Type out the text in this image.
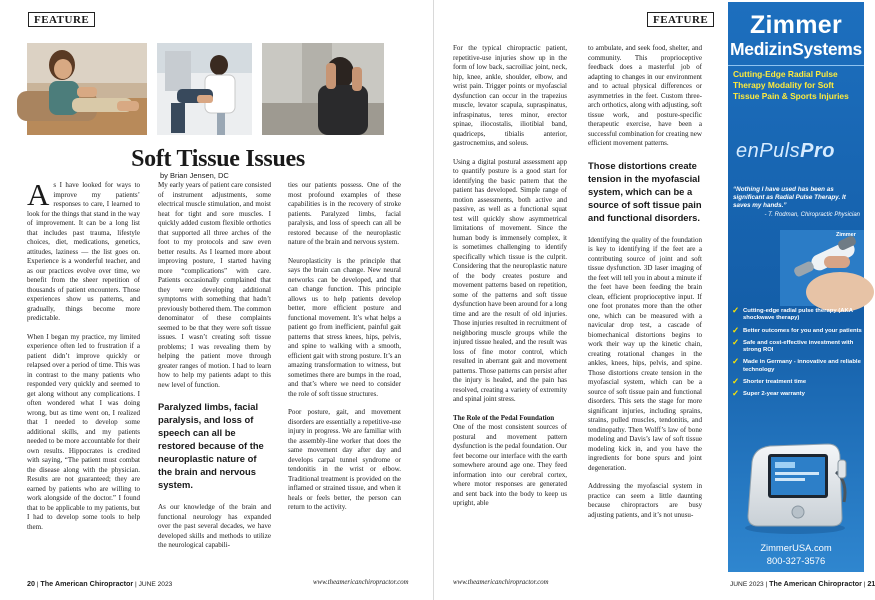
FEATURE
Soft Tissue Issues
by Brian Jensen, DC

As I have looked for ways to improve my patients’ responses to care, I learned to look for the things that stand in the way of improvement. It can be a long list that includes past trauma, lifestyle choices, diet, medications, genetics, attitudes, laziness — the list goes on. Experience is a wonderful teacher, and as our practices evolve over time, we benefit from the sheer repetition of thousands of patient encounters. Those experiences show us patterns, and gradually, things become more predictable.

When I began my practice, my limited experience often led to frustration if a patient didn’t improve quickly or relapsed over a period of time. This was in contrast to the many patients who responded very quickly and seemed to get along without any complications. I often wondered what I was doing wrong, but as time went on, I realized that I needed to develop some additional skills, and my patients needed to be more accountable for their own results. Hippocrates is credited with saying, “The patient must combat the disease along with the physician. Results are not guaranteed; they are earned by patients who are willing to work alongside of the doctor.” I found that to be applicable to my patients, but I had to develop some tools to help them.

My early years of patient care consisted of instrument adjustments, some electrical muscle stimulation, and moist heat for tight and sore muscles. I quickly added custom flexible orthotics that supported all three arches of the foot to my protocols and saw even better results. As I learned more about improving posture, I started having more “complications” with care. Patients occasionally complained that they were developing additional symptoms with something that hadn’t previously bothered them. The common denominator of these complaints seemed to be that they were soft tissue issues. I wasn’t creating soft tissue problems; I was revealing them by helping the patient move through greater ranges of motion. I had to learn how to help my patients adapt to this new level of function.

Paralyzed limbs, facial paralysis, and loss of speech can all be restored because of the neuroplastic nature of the brain and nervous system.

As our knowledge of the brain and functional neurology has expanded over the past several decades, we have developed skills and methods to utilize the neurological capabili-

ties our patients possess. One of the most profound examples of these capabilities is in the recovery of stroke patients. Paralyzed limbs, facial paralysis, and loss of speech can all be restored because of the neuroplastic nature of the brain and nervous system.

Neuroplasticity is the principle that says the brain can change. New neural networks can be developed, and that can change function. This principle allows us to help patients develop better, more efficient posture and functional movement. It’s what helps a patient go from inefficient, painful gait patterns that stress knees, hips, pelvis, and spine to walking with a smooth, efficient gait with strong posture. It’s an amazing transformation to witness, but sometimes there are bumps in the road, and that’s where we need to consider the role of soft tissue structures.

Poor posture, gait, and movement disorders are essentially a repetitive-use injury in progress. We are familiar with the assembly-line worker that does the same movement day after day and develops carpal tunnel syndrome or tendonitis in the wrist or elbow. Traditional treatment is provided on the inflamed or strained tissue, and when it heals or feels better, the person can return to the activity.

20 | The American Chiropractor | JUNE 2023	www.theamericanchiropractor.com
FEATURE

For the typical chiropractic patient, repetitive-use injuries show up in the form of low back, sacroiliac joint, neck, hip, knee, ankle, shoulder, elbow, and wrist pain. Trigger points or myofascial dysfunction can occur in the trapezius muscle, levator scapula, supraspinatus, infraspinatus, teres minor, erector spinae, iliocostalis, iliotibial band, quadriceps, tibialis anterior, gastrocnemius, and soleus.

Using a digital postural assessment app to quantify posture is a good start for identifying the basic pattern that the patient has developed. Simple range of motion assessments, both active and passive, as well as a functional squat test will quickly show asymmetrical limitations of movement. Since the human body is immensely complex, it is sometimes challenging to identify specifically which tissue is the culprit. Considering that the neuroplastic nature of the body creates posture and movement patterns based on repetition, some of the patterns and soft tissue dysfunction have been around for a long time and are the result of old injuries. Those injuries resulted in recruitment of neighboring muscle groups while the injured tissue healed, and the result was loss of fine motor control, which resulted in aberrant gait and movement patterns. Those patterns can persist after the injury is healed, and the pain has resolved, creating a variety of extremity and spinal joint stress.

The Role of the Pedal Foundation

One of the most consistent sources of postural and movement pattern dysfunction is the pedal foundation. Our feet become our interface with the earth somewhere around age one. They feed information into our cerebral cortex, where motor responses are generated and sent back into the body to keep us upright, able

to ambulate, and seek food, shelter, and community. This proprioceptive feedback does a masterful job of adapting to changes in our environment and to actual physical differences or asymmetries in the feet. Custom three-arch orthotics, along with adjusting, soft tissue work, and posture-specific therapeutic exercise, have been a successful combination for creating new efficient movement patterns.

Those distortions create tension in the myofascial system, which can be a source of soft tissue pain and functional disorders.

Identifying the quality of the foundation is key to identifying if the feet are a contributing source of joint and soft tissue dysfunction. 3D laser imaging of the feet will tell you in about a minute if the feet have been feeding the brain clean, efficient proprioceptive input. If one foot pronates more than the other one, which can be measured with a navicular drop test, a cascade of biomechanical distortions begins to work their way up the kinetic chain, creating rotational changes in the ankles, knees, hips, pelvis, and spine. Those distortions create tension in the myofascial system, which can be a source of soft tissue pain and functional disorders. This sets the stage for more significant injuries, including sprains, strains, pulled muscles, tendonitis, and tendinopathy. Then Wolff’s law of bone modeling and Davis’s law of soft tissue modeling kick in, and you have the ingredients for bone spurs and joint degeneration.

Addressing the myofascial system in practice can seem a little daunting because chiropractors are busy adjusting patients, and it’s not unusu-

www.theamericanchiropractor.com	JUNE 2023 | The American Chiropractor | 21
Zimmer
MedizinSystems
Cutting-Edge Radial Pulse Therapy Modality for Soft Tissue Pain & Sports Injuries
enPulsPro
“Nothing I have used has been as significant as Radial Pulse Therapy. It saves my hands.”
- T. Rodman, Chiropractic Physician
Zimmer
✓ Cutting-edge radial pulse therapy (AKA shockwave therapy)
✓ Better outcomes for you and your patients
✓ Safe and cost-effective investment with strong ROI
✓ Made in Germany - innovative and reliable technology
✓ Shorter treatment time
✓ Super 2-year warranty
ZimmerUSA.com
800-327-3576
